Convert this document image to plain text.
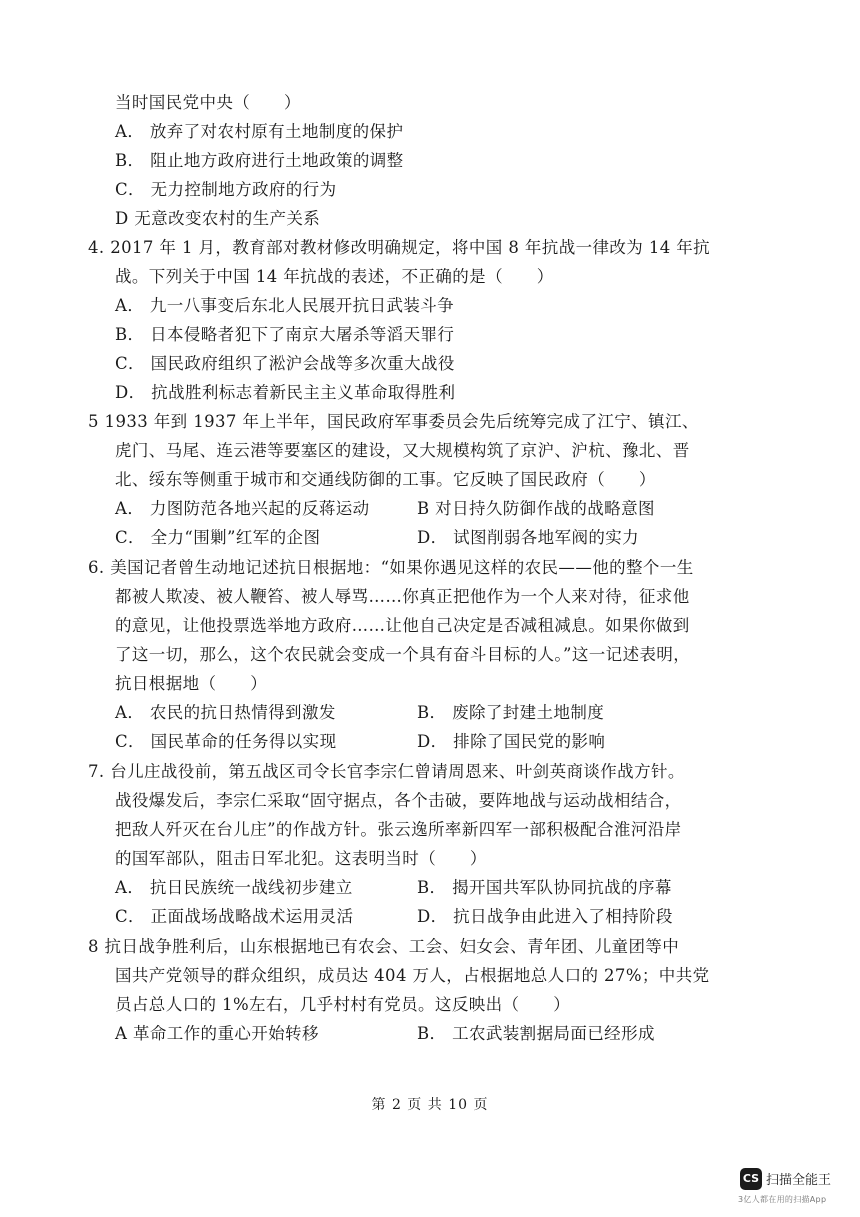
当时国民党中央（　　）
A． 放弃了对农村原有土地制度的保护
B． 阻止地方政府进行土地政策的调整
C． 无力控制地方政府的行为
D 无意改变农村的生产关系
4. 2017 年 1 月，教育部对教材修改明确规定，将中国 8 年抗战一律改为 14 年抗
战。下列关于中国 14 年抗战的表述，不正确的是（　　）
A． 九一八事变后东北人民展开抗日武装斗争
B． 日本侵略者犯下了南京大屠杀等滔天罪行
C． 国民政府组织了淞沪会战等多次重大战役
D． 抗战胜利标志着新民主主义革命取得胜利
5 1933 年到 1937 年上半年，国民政府军事委员会先后统筹完成了江宁、镇江、
虎门、马尾、连云港等要塞区的建设，又大规模构筑了京沪、沪杭、豫北、晋
北、绥东等侧重于城市和交通线防御的工事。它反映了国民政府（　　）
A． 力图防范各地兴起的反蒋运动	B 对日持久防御作战的战略意图
C． 全力“围剿”红军的企图	D． 试图削弱各地军阀的实力
6. 美国记者曾生动地记述抗日根据地：“如果你遇见这样的农民——他的整个一生
都被人欺凌、被人鞭笞、被人辱骂……你真正把他作为一个人来对待，征求他
的意见，让他投票选举地方政府……让他自己决定是否减租减息。如果你做到
了这一切，那么，这个农民就会变成一个具有奋斗目标的人。”这一记述表明，
抗日根据地（　　）
A． 农民的抗日热情得到激发	B． 废除了封建土地制度
C． 国民革命的任务得以实现	D． 排除了国民党的影响
7. 台儿庄战役前，第五战区司令长官李宗仁曾请周恩来、叶剑英商谈作战方针。
战役爆发后，李宗仁采取“固守据点，各个击破，要阵地战与运动战相结合，
把敌人歼灭在台儿庄”的作战方针。张云逸所率新四军一部积极配合淮河沿岸
的国军部队，阻击日军北犯。这表明当时（　　）
A． 抗日民族统一战线初步建立	B． 揭开国共军队协同抗战的序幕
C． 正面战场战略战术运用灵活	D． 抗日战争由此进入了相持阶段
8 抗日战争胜利后，山东根据地已有农会、工会、妇女会、青年团、儿童团等中
国共产党领导的群众组织，成员达 404 万人，占根据地总人口的 27%；中共党
员占总人口的 1%左右，几乎村村有党员。这反映出（　　）
A 革命工作的重心开始转移	B． 工农武装割据局面已经形成
第 2 页 共 10 页
CS 扫描全能王
3亿人都在用的扫描App
